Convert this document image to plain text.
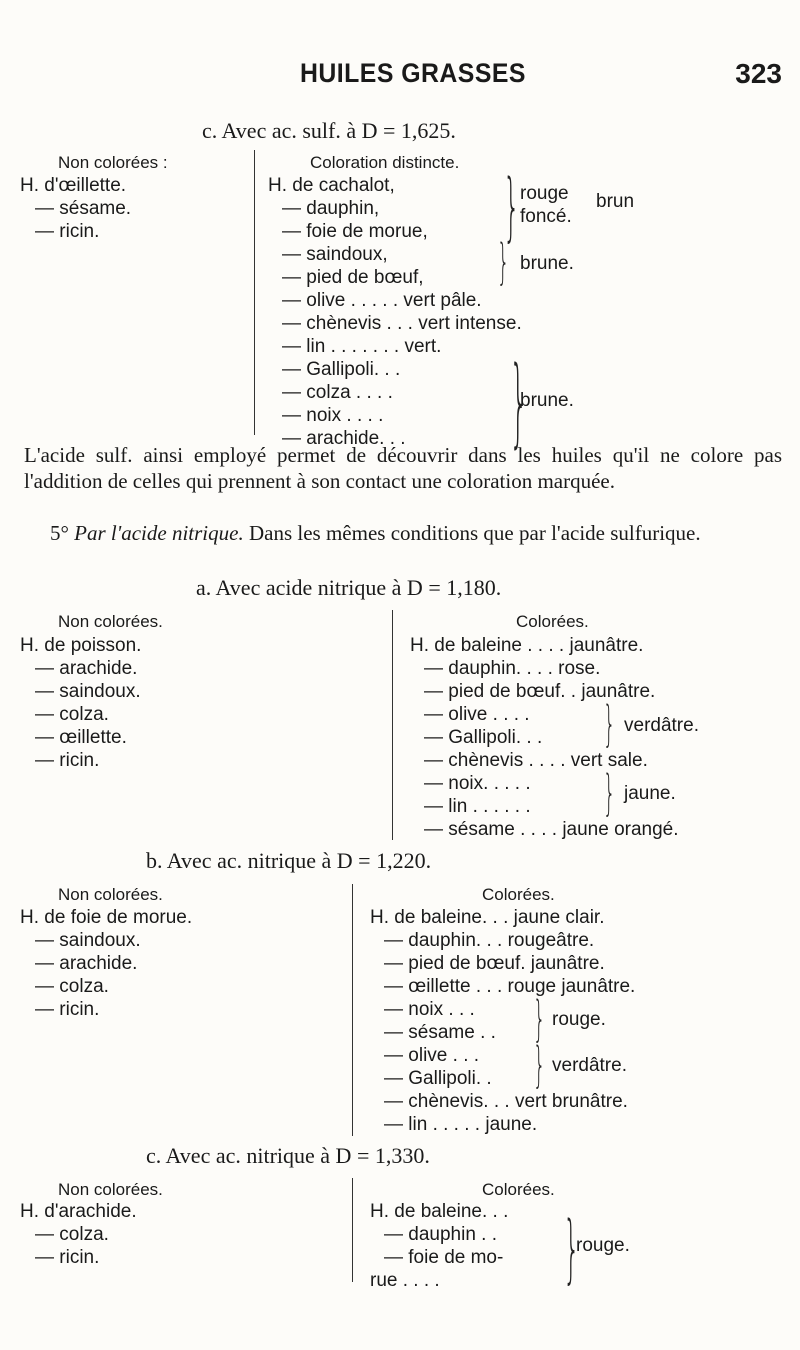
HUILES GRASSES	323
c. Avec ac. sulf. à D = 1,625.
Non colorées :
H. d'œillette.
— sésame.
— ricin.
Coloration distincte.
H. de cachalot,
— dauphin,
— foie de morue,
— saindoux,
— pied de bœuf,
— olive . . . . . vert pâle.
— chènevis . . . vert intense.
— lin . . . . . . . vert.
— Gallipoli. . .
— colza . . . .
— noix . . . .
— arachide. . .
} rouge
foncé.
brun
} brune.
}
brune.
L'acide sulf. ainsi employé permet de découvrir dans les huiles qu'il ne colore pas l'addition de celles qui prennent à son contact une coloration marquée.
5° Par l'acide nitrique. Dans les mêmes conditions que par l'acide sulfurique.
a. Avec acide nitrique à D = 1,180.
Non colorées.
H. de poisson.
— arachide.
— saindoux.
— colza.
— œillette.
— ricin.
Colorées.
H. de baleine . . . . jaunâtre.
— dauphin. . . . rose.
— pied de bœuf. . jaunâtre.
— olive . . . .
— Gallipoli. . .
— chènevis . . . . vert sale.
— noix. . . . .
— lin . . . . . .
— sésame . . . . jaune orangé.
} verdâtre.
} jaune.
b. Avec ac. nitrique à D = 1,220.
Non colorées.
H. de foie de morue.
— saindoux.
— arachide.
— colza.
— ricin.
Colorées.
H. de baleine. . . jaune clair.
— dauphin. . . rougeâtre.
— pied de bœuf. jaunâtre.
— œillette . . . rouge jaunâtre.
— noix . . .
— sésame . .
— olive . . .
— Gallipoli. .
— chènevis. . . vert brunâtre.
— lin . . . . . jaune.
} rouge.
} verdâtre.
c. Avec ac. nitrique à D = 1,330.
Non colorées.
H. d'arachide.
— colza.
— ricin.
Colorées.
H. de baleine. . .
— dauphin . .
— foie de mo-
rue . . . .	}
rouge.
